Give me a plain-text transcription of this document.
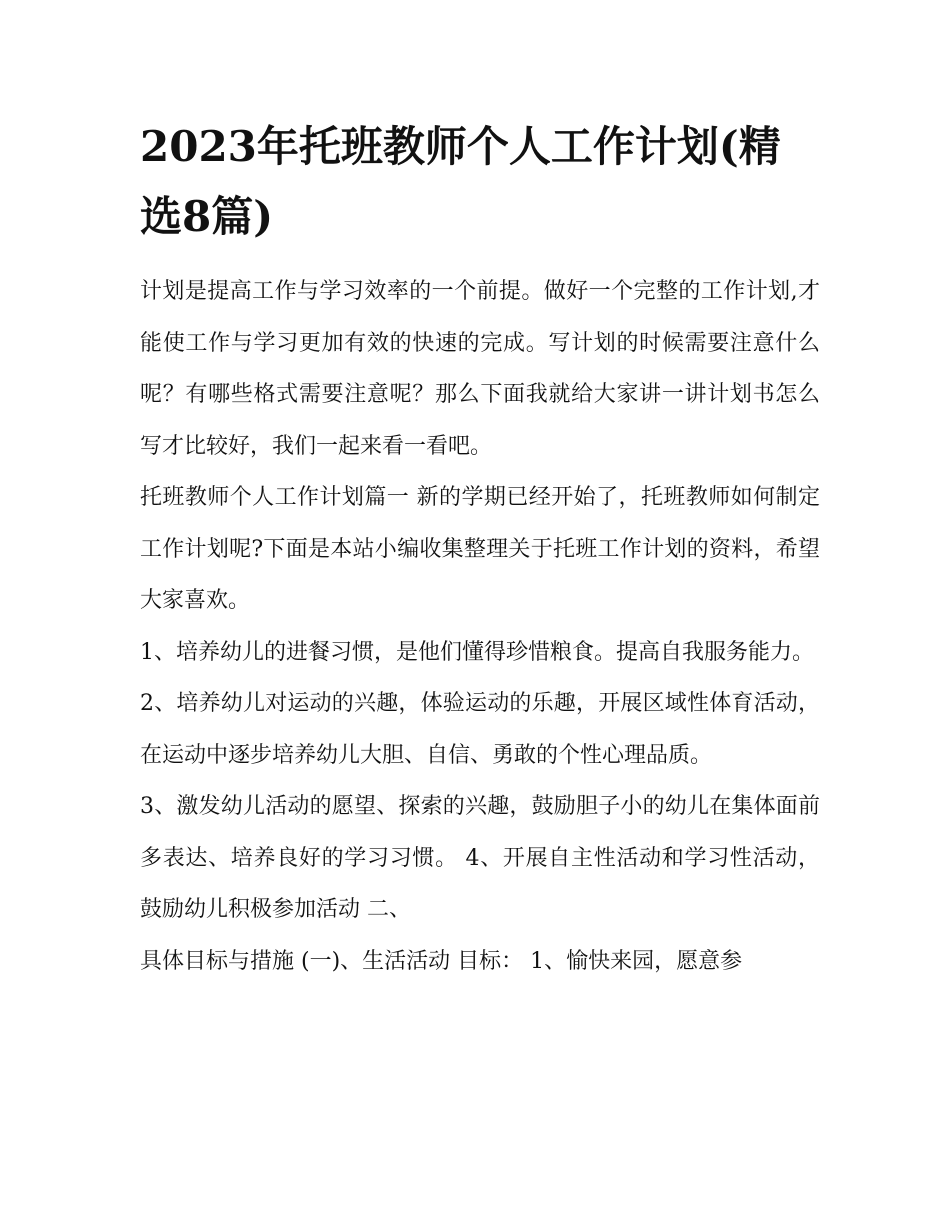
2023年托班教师个人工作计划(精选8篇)

计划是提高工作与学习效率的一个前提。做好一个完整的工作计划,才能使工作与学习更加有效的快速的完成。写计划的时候需要注意什么呢？有哪些格式需要注意呢？那么下面我就给大家讲一讲计划书怎么写才比较好，我们一起来看一看吧。

托班教师个人工作计划篇一 新的学期已经开始了，托班教师如何制定工作计划呢?下面是本站小编收集整理关于托班工作计划的资料，希望大家喜欢。

1、培养幼儿的进餐习惯，是他们懂得珍惜粮食。提高自我服务能力。

2、培养幼儿对运动的兴趣，体验运动的乐趣，开展区域性体育活动，在运动中逐步培养幼儿大胆、自信、勇敢的个性心理品质。

3、激发幼儿活动的愿望、探索的兴趣，鼓励胆子小的幼儿在集体面前多表达、培养良好的学习习惯。 4、开展自主性活动和学习性活动，鼓励幼儿积极参加活动 二、

具体目标与措施 (一)、生活活动 目标： 1、愉快来园，愿意参
